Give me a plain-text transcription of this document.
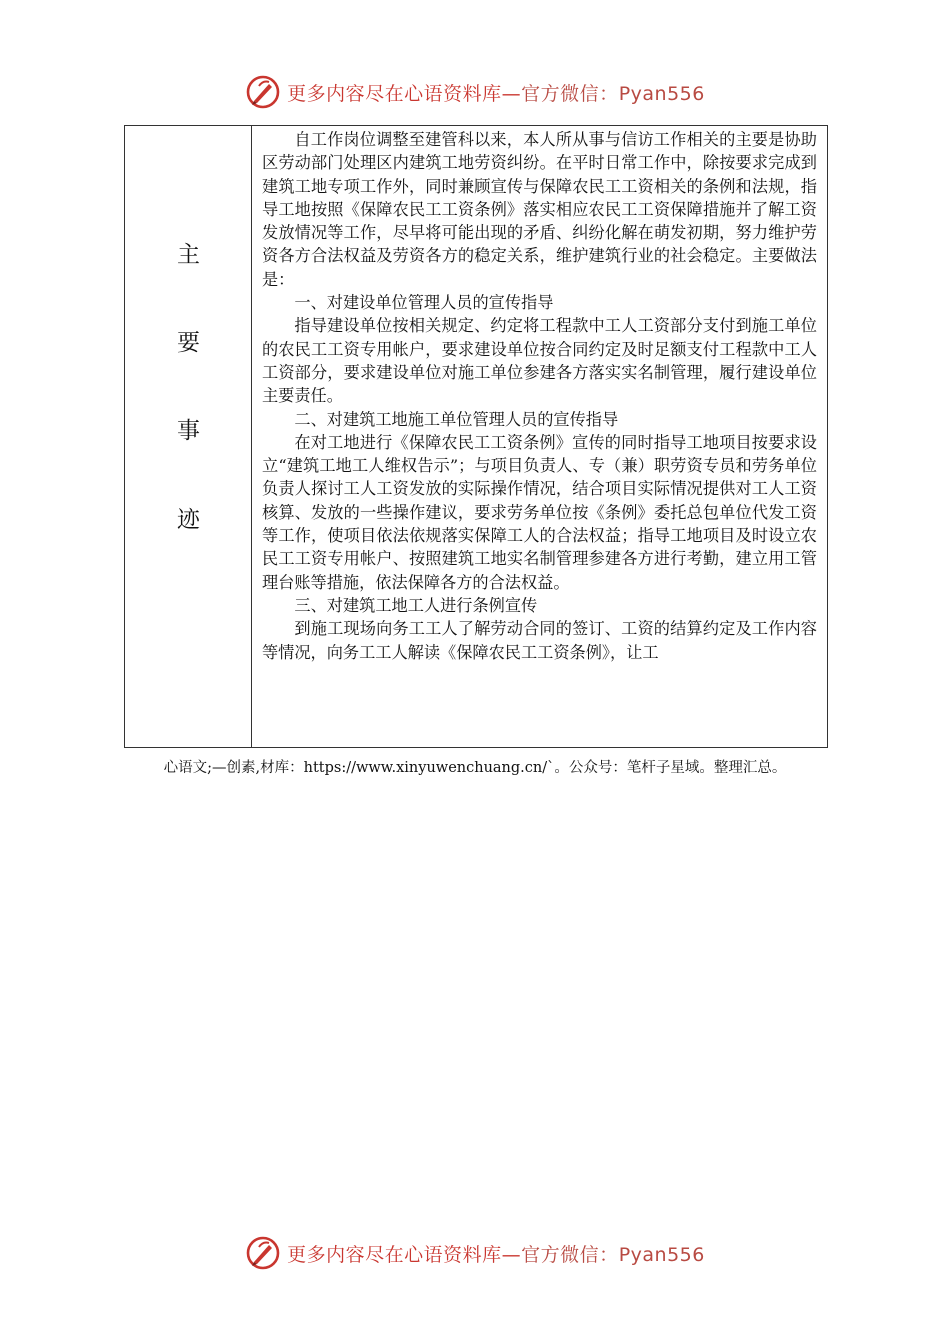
更多内容尽在心语资料库—官方微信：Pyan556
主
要
事
迹

自工作岗位调整至建管科以来，本人所从事与信访工作相关的主要是协助区劳动部门处理区内建筑工地劳资纠纷。在平时日常工作中，除按要求完成到建筑工地专项工作外，同时兼顾宣传与保障农民工工资相关的条例和法规，指导工地按照《保障农民工工资条例》落实相应农民工工资保障措施并了解工资发放情况等工作，尽早将可能出现的矛盾、纠纷化解在萌发初期，努力维护劳资各方合法权益及劳资各方的稳定关系，维护建筑行业的社会稳定。主要做法是：

一、对建设单位管理人员的宣传指导

指导建设单位按相关规定、约定将工程款中工人工资部分支付到施工单位的农民工工资专用帐户，要求建设单位按合同约定及时足额支付工程款中工人工资部分，要求建设单位对施工单位参建各方落实实名制管理，履行建设单位主要责任。

二、对建筑工地施工单位管理人员的宣传指导

在对工地进行《保障农民工工资条例》宣传的同时指导工地项目按要求设立“建筑工地工人维权告示”；与项目负责人、专（兼）职劳资专员和劳务单位负责人探讨工人工资发放的实际操作情况，结合项目实际情况提供对工人工资核算、发放的一些操作建议，要求劳务单位按《条例》委托总包单位代发工资等工作，使项目依法依规落实保障工人的合法权益；指导工地项目及时设立农民工工资专用帐户、按照建筑工地实名制管理参建各方进行考勤，建立用工管理台账等措施，依法保障各方的合法权益。

三、对建筑工地工人进行条例宣传

到施工现场向务工工人了解劳动合同的签订、工资的结算约定及工作内容等情况，向务工工人解读《保障农民工工资条例》，让工

心语文;—创素,材库：https://www.xinyuwenchuang.cn/`。公众号：笔杆子星域。整理汇总。
更多内容尽在心语资料库—官方微信：Pyan556
